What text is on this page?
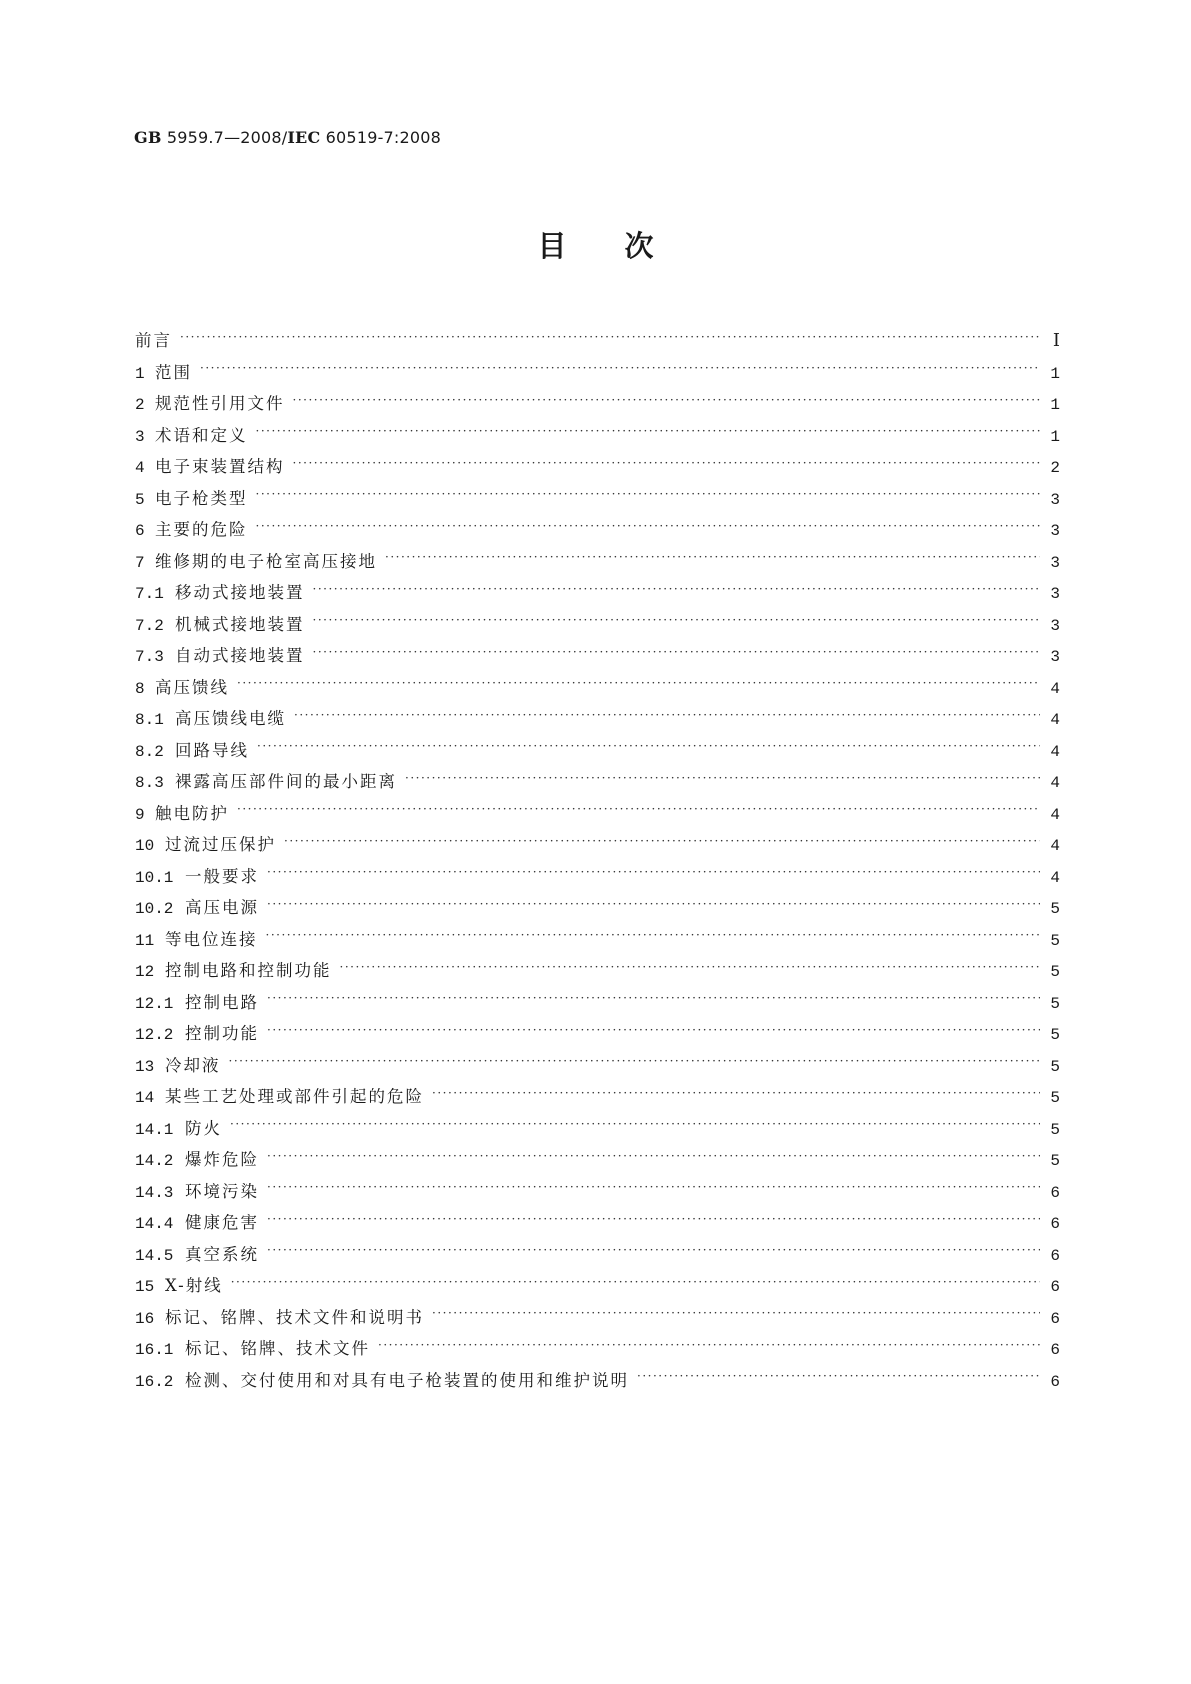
GB 5959.7—2008/IEC 60519-7:2008
目次
前言 ·····	Ⅰ
1 范围 ·····	1
2 规范性引用文件 ·····	1
3 术语和定义 ·····	1
4 电子束装置结构 ·····	2
5 电子枪类型 ·····	3
6 主要的危险 ·····	3
7 维修期的电子枪室高压接地 ·····	3
7.1 移动式接地装置 ·····	3
7.2 机械式接地装置 ·····	3
7.3 自动式接地装置 ·····	3
8 高压馈线 ·····	4
8.1 高压馈线电缆 ·····	4
8.2 回路导线 ·····	4
8.3 裸露高压部件间的最小距离 ·····	4
9 触电防护 ·····	4
10 过流过压保护 ·····	4
10.1 一般要求 ·····	4
10.2 高压电源 ·····	5
11 等电位连接 ·····	5
12 控制电路和控制功能 ·····	5
12.1 控制电路 ·····	5
12.2 控制功能 ·····	5
13 冷却液 ·····	5
14 某些工艺处理或部件引起的危险 ·····	5
14.1 防火 ·····	5
14.2 爆炸危险 ·····	5
14.3 环境污染 ·····	6
14.4 健康危害 ·····	6
14.5 真空系统 ·····	6
15 X-射线 ·····	6
16 标记、铭牌、技术文件和说明书 ·····	6
16.1 标记、铭牌、技术文件 ·····	6
16.2 检测、交付使用和对具有电子枪装置的使用和维护说明 ·····	6
